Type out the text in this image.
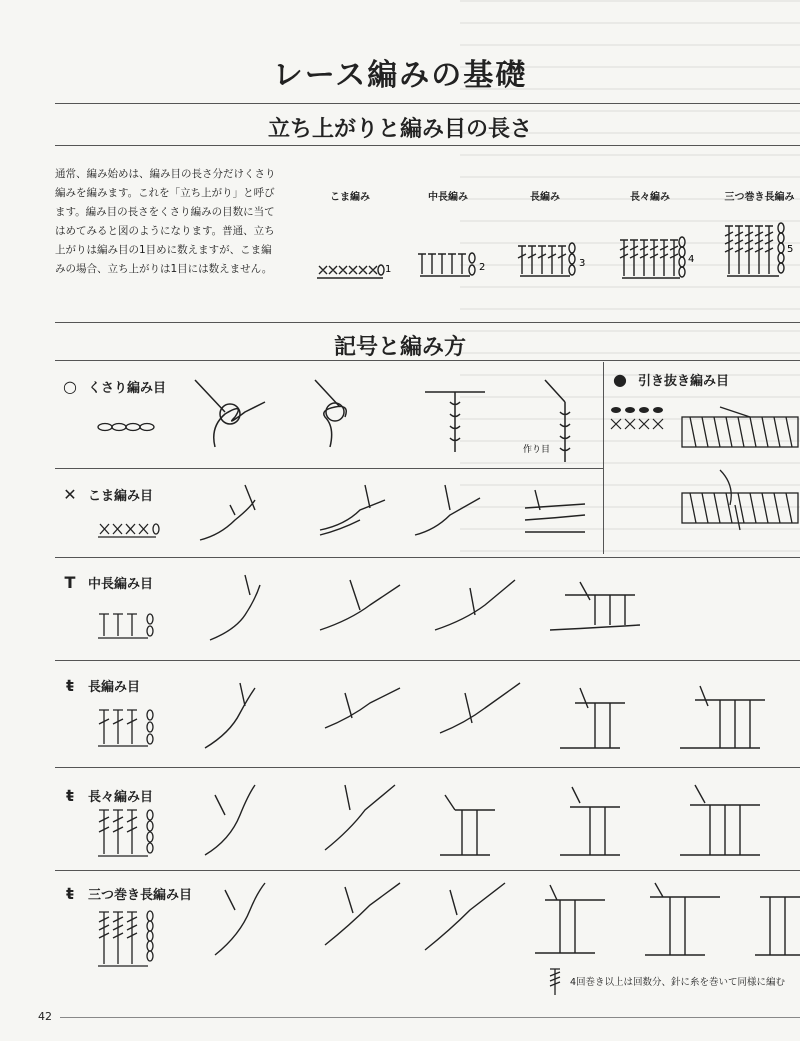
レース編みの基礎
立ち上がりと編み目の長さ
通常、編み始めは、編み目の長さ分だけくさり編みを編みます。これを「立ち上がり」と呼びます。編み目の長さをくさり編みの目数に当てはめてみると図のようになります。普通、立ち上がりは編み目の1目めに数えますが、こま編みの場合、立ち上がりは1目には数えません。
こま編み	中長編み	長編み	長々編み	三つ巻き長編み
1	2	3	4
5
記号と編み方
○ くさり編み目
作り目
● 引き抜き編み目
✕ こま編み目
T 中長編み目
ŧ	長編み目
ŧ	長々編み目
ŧ	三つ巻き長編み目
4回巻き以上は回数分、針に糸を巻いて同様に編む
42
